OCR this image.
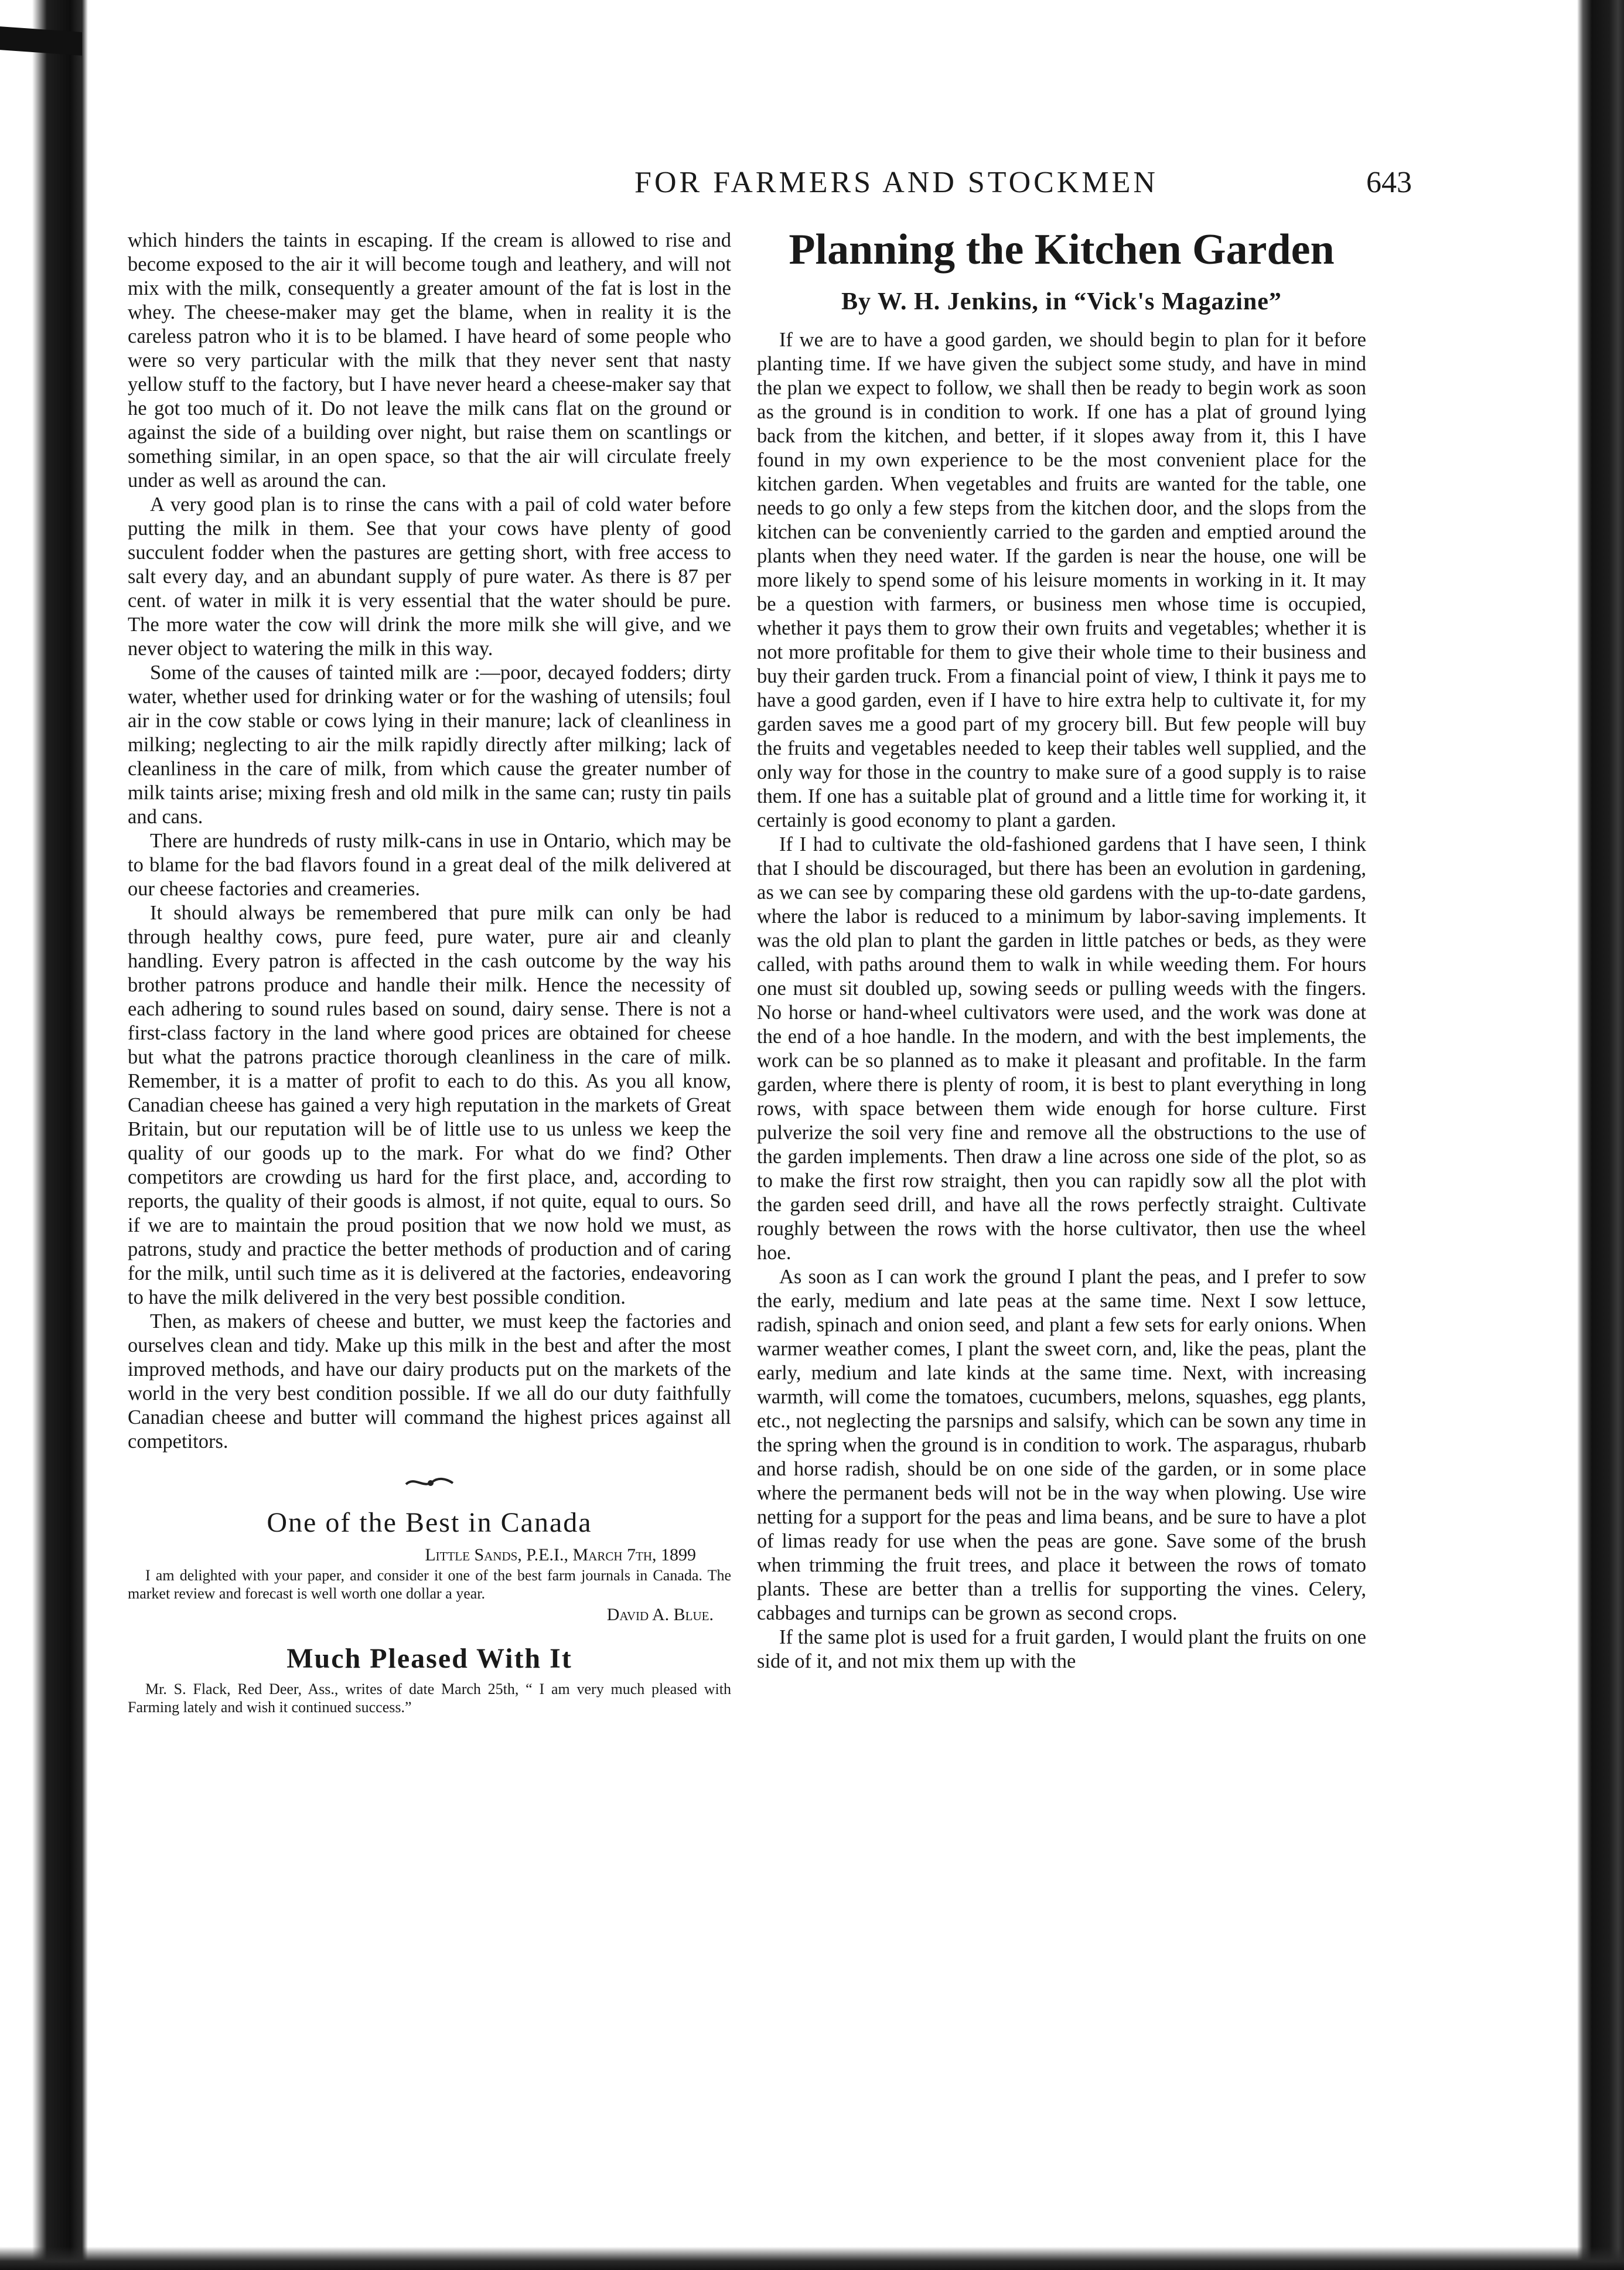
FOR FARMERS AND STOCKMEN	643

which hinders the taints in escaping. If the cream is allowed to rise and become exposed to the air it will become tough and leathery, and will not mix with the milk, consequently a greater amount of the fat is lost in the whey. The cheese-maker may get the blame, when in reality it is the careless patron who it is to be blamed. I have heard of some people who were so very particular with the milk that they never sent that nasty yellow stuff to the factory, but I have never heard a cheese-maker say that he got too much of it. Do not leave the milk cans flat on the ground or against the side of a building over night, but raise them on scantlings or something similar, in an open space, so that the air will circulate freely under as well as around the can.

A very good plan is to rinse the cans with a pail of cold water before putting the milk in them. See that your cows have plenty of good succulent fodder when the pastures are getting short, with free access to salt every day, and an abundant supply of pure water. As there is 87 per cent. of water in milk it is very essential that the water should be pure. The more water the cow will drink the more milk she will give, and we never object to watering the milk in this way.

Some of the causes of tainted milk are :—poor, decayed fodders; dirty water, whether used for drinking water or for the washing of utensils; foul air in the cow stable or cows lying in their manure; lack of cleanliness in milking; neglecting to air the milk rapidly directly after milking; lack of cleanliness in the care of milk, from which cause the greater number of milk taints arise; mixing fresh and old milk in the same can; rusty tin pails and cans.

There are hundreds of rusty milk-cans in use in Ontario, which may be to blame for the bad flavors found in a great deal of the milk delivered at our cheese factories and creameries.

It should always be remembered that pure milk can only be had through healthy cows, pure feed, pure water, pure air and cleanly handling. Every patron is affected in the cash outcome by the way his brother patrons produce and handle their milk. Hence the necessity of each adhering to sound rules based on sound, dairy sense. There is not a first-class factory in the land where good prices are obtained for cheese but what the patrons practice thorough cleanliness in the care of milk. Remember, it is a matter of profit to each to do this. As you all know, Canadian cheese has gained a very high reputation in the markets of Great Britain, but our reputation will be of little use to us unless we keep the quality of our goods up to the mark. For what do we find? Other competitors are crowding us hard for the first place, and, according to reports, the quality of their goods is almost, if not quite, equal to ours. So if we are to maintain the proud position that we now hold we must, as patrons, study and practice the better methods of production and of caring for the milk, until such time as it is delivered at the factories, endeavoring to have the milk delivered in the very best possible condition.

Then, as makers of cheese and butter, we must keep the factories and ourselves clean and tidy. Make up this milk in the best and after the most improved methods, and have our dairy products put on the markets of the world in the very best condition possible. If we all do our duty faithfully Canadian cheese and butter will command the highest prices against all competitors.

One of the Best in Canada
Little Sands, P.E.I., March 7th, 1899

I am delighted with your paper, and consider it one of the best farm journals in Canada. The market review and forecast is well worth one dollar a year.

David A. Blue.
Much Pleased With It

Mr. S. Flack, Red Deer, Ass., writes of date March 25th, “ I am very much pleased with Farming lately and wish it continued success.”

Planning the Kitchen Garden
By W. H. Jenkins, in “Vick's Magazine”

If we are to have a good garden, we should begin to plan for it before planting time. If we have given the subject some study, and have in mind the plan we expect to follow, we shall then be ready to begin work as soon as the ground is in condition to work. If one has a plat of ground lying back from the kitchen, and better, if it slopes away from it, this I have found in my own experience to be the most convenient place for the kitchen garden. When vegetables and fruits are wanted for the table, one needs to go only a few steps from the kitchen door, and the slops from the kitchen can be conveniently carried to the garden and emptied around the plants when they need water. If the garden is near the house, one will be more likely to spend some of his leisure moments in working in it. It may be a question with farmers, or business men whose time is occupied, whether it pays them to grow their own fruits and vegetables; whether it is not more profitable for them to give their whole time to their business and buy their garden truck. From a financial point of view, I think it pays me to have a good garden, even if I have to hire extra help to cultivate it, for my garden saves me a good part of my grocery bill. But few people will buy the fruits and vegetables needed to keep their tables well supplied, and the only way for those in the country to make sure of a good supply is to raise them. If one has a suitable plat of ground and a little time for working it, it certainly is good economy to plant a garden.

If I had to cultivate the old-fashioned gardens that I have seen, I think that I should be discouraged, but there has been an evolution in gardening, as we can see by comparing these old gardens with the up-to-date gardens, where the labor is reduced to a minimum by labor-saving implements. It was the old plan to plant the garden in little patches or beds, as they were called, with paths around them to walk in while weeding them. For hours one must sit doubled up, sowing seeds or pulling weeds with the fingers. No horse or hand-wheel cultivators were used, and the work was done at the end of a hoe handle. In the modern, and with the best implements, the work can be so planned as to make it pleasant and profitable. In the farm garden, where there is plenty of room, it is best to plant everything in long rows, with space between them wide enough for horse culture. First pulverize the soil very fine and remove all the obstructions to the use of the garden implements. Then draw a line across one side of the plot, so as to make the first row straight, then you can rapidly sow all the plot with the garden seed drill, and have all the rows perfectly straight. Cultivate roughly between the rows with the horse cultivator, then use the wheel hoe.

As soon as I can work the ground I plant the peas, and I prefer to sow the early, medium and late peas at the same time. Next I sow lettuce, radish, spinach and onion seed, and plant a few sets for early onions. When warmer weather comes, I plant the sweet corn, and, like the peas, plant the early, medium and late kinds at the same time. Next, with increasing warmth, will come the tomatoes, cucumbers, melons, squashes, egg plants, etc., not neglecting the parsnips and salsify, which can be sown any time in the spring when the ground is in condition to work. The asparagus, rhubarb and horse radish, should be on one side of the garden, or in some place where the permanent beds will not be in the way when plowing. Use wire netting for a support for the peas and lima beans, and be sure to have a plot of limas ready for use when the peas are gone. Save some of the brush when trimming the fruit trees, and place it between the rows of tomato plants. These are better than a trellis for supporting the vines. Celery, cabbages and turnips can be grown as second crops.

If the same plot is used for a fruit garden, I would plant the fruits on one side of it, and not mix them up with the
